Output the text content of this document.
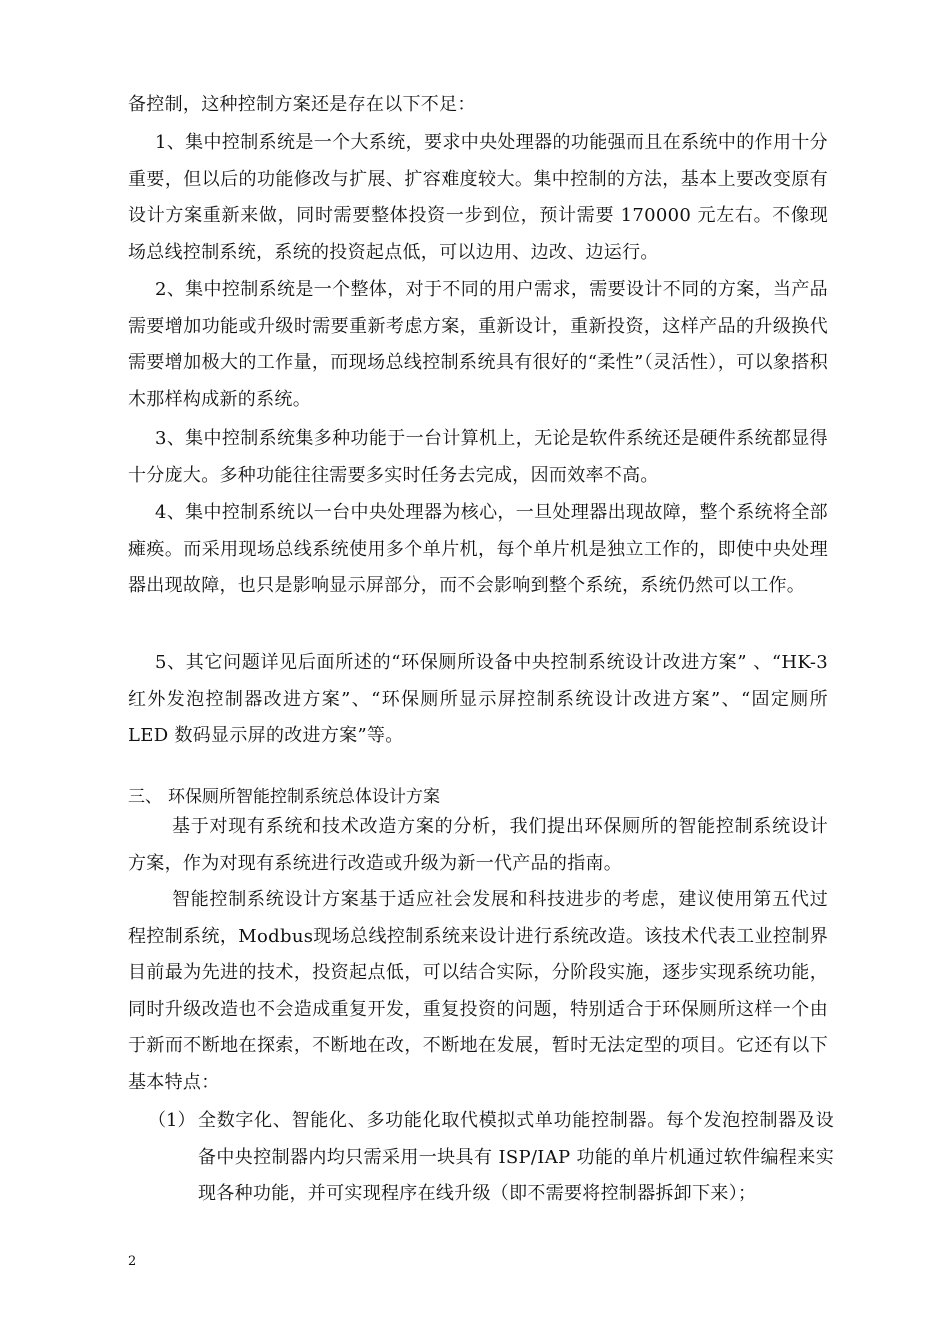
备控制，这种控制方案还是存在以下不足：

1、集中控制系统是一个大系统，要求中央处理器的功能强而且在系统中的作用十分重要，但以后的功能修改与扩展、扩容难度较大。集中控制的方法，基本上要改变原有设计方案重新来做，同时需要整体投资一步到位，预计需要 170000 元左右。不像现场总线控制系统，系统的投资起点低，可以边用、边改、边运行。

2、集中控制系统是一个整体，对于不同的用户需求，需要设计不同的方案，当产品需要增加功能或升级时需要重新考虑方案，重新设计，重新投资，这样产品的升级换代需要增加极大的工作量，而现场总线控制系统具有很好的“柔性”（灵活性），可以象搭积木那样构成新的系统。

3、集中控制系统集多种功能于一台计算机上，无论是软件系统还是硬件系统都显得十分庞大。多种功能往往需要多实时任务去完成，因而效率不高。

4、集中控制系统以一台中央处理器为核心，一旦处理器出现故障，整个系统将全部瘫痪。而采用现场总线系统使用多个单片机，每个单片机是独立工作的，即使中央处理器出现故障，也只是影响显示屏部分，而不会影响到整个系统，系统仍然可以工作。

5、其它问题详见后面所述的“环保厕所设备中央控制系统设计改进方案” 、“HK-3 红外发泡控制器改进方案”、“环保厕所显示屏控制系统设计改进方案”、“固定厕所 LED 数码显示屏的改进方案”等。

三、 环保厕所智能控制系统总体设计方案

基于对现有系统和技术改造方案的分析，我们提出环保厕所的智能控制系统设计方案，作为对现有系统进行改造或升级为新一代产品的指南。

智能控制系统设计方案基于适应社会发展和科技进步的考虑，建议使用第五代过程控制系统，Modbus现场总线控制系统来设计进行系统改造。该技术代表工业控制界目前最为先进的技术，投资起点低，可以结合实际，分阶段实施，逐步实现系统功能，同时升级改造也不会造成重复开发，重复投资的问题，特别适合于环保厕所这样一个由于新而不断地在探索，不断地在改，不断地在发展，暂时无法定型的项目。它还有以下基本特点：

（1） 全数字化、智能化、多功能化取代模拟式单功能控制器。每个发泡控制器及设备中央控制器内均只需采用一块具有 ISP/IAP 功能的单片机通过软件编程来实现各种功能，并可实现程序在线升级（即不需要将控制器拆卸下来）；

2
